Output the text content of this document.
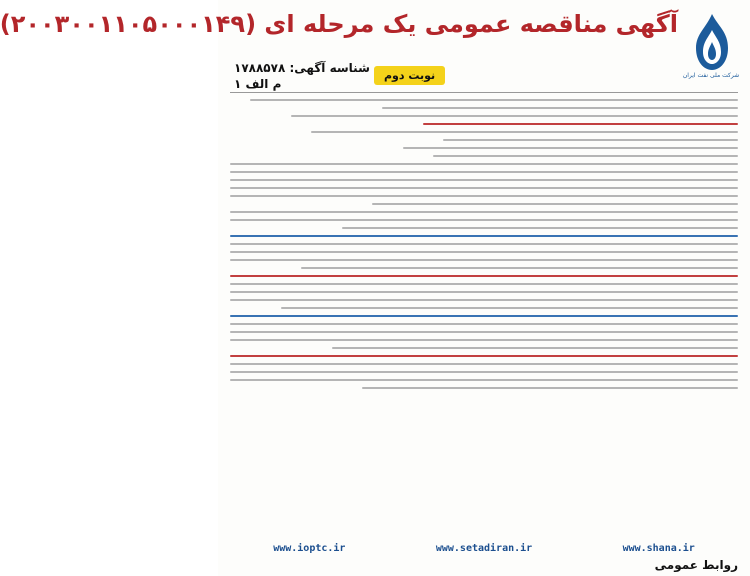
شرکت ملی نفت ایران
آگهی مناقصه عمومی یک مرحله ای (۲۰۰۳۰۰۱۱۰۵۰۰۰۱۴۹)
نوبت دوم
شناسه آگهی: ۱۷۸۸۵۷۸
م الف ۱
www.shana.ir
www.setadiran.ir
www.ioptc.ir
روابط عمومی
